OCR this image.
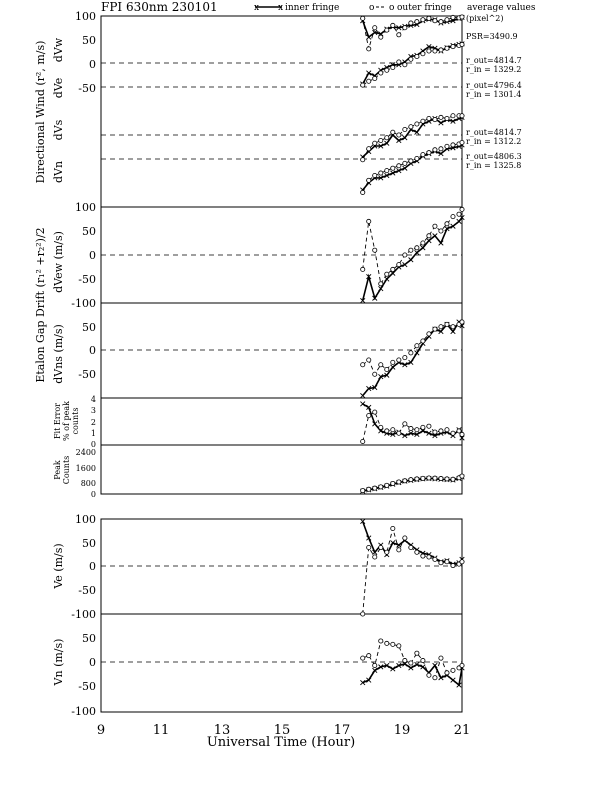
FPI 630nm 230101	x x inner fringe	o o outer fringe average values
100
50
0
-50
100
50
0
-50
-100
50
0
-50
4
3
2
1
0
2400
1600
800
0
100
50
0
-50
-100
50
0
-50
-100
Directional Wind (r², m/s) dVw
dVe
dVs
dVn
Etalon Gap Drift (r₁² +r₂²)/2 dVew (m/s)
dVns (m/s)
Fit Error % of peak counts
Peak Counts
Ve (m/s)
Vn (m/s)
(pixel^2)
PSR=3490.9
r_out=4814.7
r_in = 1329.2
r_out=4796.4
r_in = 1301.4
r_out=4814.7
r_in = 1312.2
r_out=4806.3
r_in = 1325.8
9	11	13	15	17	19	21
Universal Time (Hour)
